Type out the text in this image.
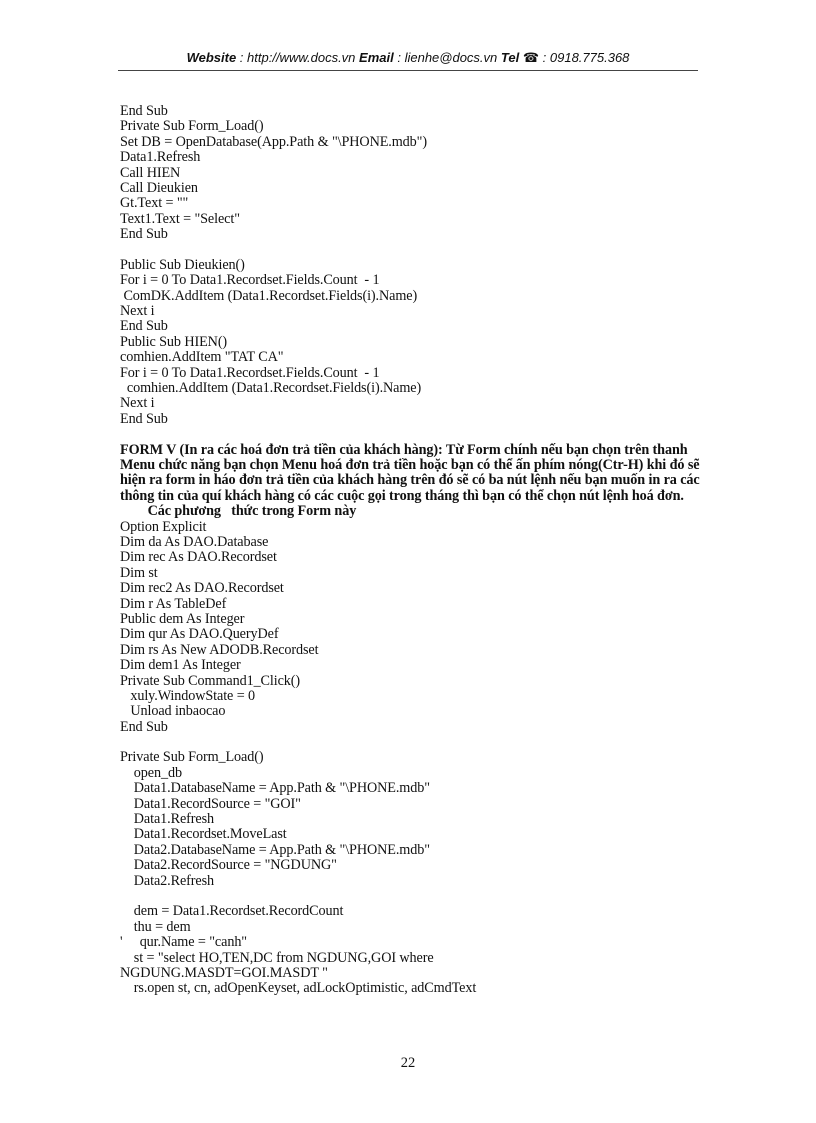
Website : http://www.docs.vn Email : lienhe@docs.vn Tel ☎ : 0918.775.368
End Sub
Private Sub Form_Load()
Set DB = OpenDatabase(App.Path & "\PHONE.mdb")
Data1.Refresh
Call HIEN
Call Dieukien
Gt.Text = ""
Text1.Text = "Select"
End Sub
Public Sub Dieukien()
For i = 0 To Data1.Recordset.Fields.Count  - 1
ComDK.AddItem (Data1.Recordset.Fields(i).Name)
Next i
End Sub
Public Sub HIEN()
comhien.AddItem "TAT CA"
For i = 0 To Data1.Recordset.Fields.Count  - 1
comhien.AddItem (Data1.Recordset.Fields(i).Name)
Next i
End Sub

FORM V (In ra các hoá đơn trả tiền của khách hàng): Từ Form chính nếu bạn chọn trên thanh Menu chức năng bạn chọn Menu hoá đơn trả tiền hoặc bạn có thể ấn phím nóng(Ctr-H) khi đó sẽ hiện ra form in háo đơn trả tiền của khách hàng trên đó sẽ có ba nút lệnh nếu bạn muốn in ra các thông tin của quí khách hàng có các cuộc gọi trong tháng thì bạn có thể chọn nút lệnh hoá đơn.

Các phương   thức trong Form này
Option Explicit
Dim da As DAO.Database
Dim rec As DAO.Recordset
Dim st
Dim rec2 As DAO.Recordset
Dim r As TableDef
Public dem As Integer
Dim qur As DAO.QueryDef
Dim rs As New ADODB.Recordset
Dim dem1 As Integer
Private Sub Command1_Click()
xuly.WindowState = 0
Unload inbaocao
End Sub
Private Sub Form_Load()
open_db
Data1.DatabaseName = App.Path & "\PHONE.mdb"
Data1.RecordSource = "GOI"
Data1.Refresh
Data1.Recordset.MoveLast
Data2.DatabaseName = App.Path & "\PHONE.mdb"
Data2.RecordSource = "NGDUNG"
Data2.Refresh
dem = Data1.Recordset.RecordCount
thu = dem
'     qur.Name = "canh"
st = "select HO,TEN,DC from NGDUNG,GOI where
NGDUNG.MASDT=GOI.MASDT "
rs.open st, cn, adOpenKeyset, adLockOptimistic, adCmdText
22
